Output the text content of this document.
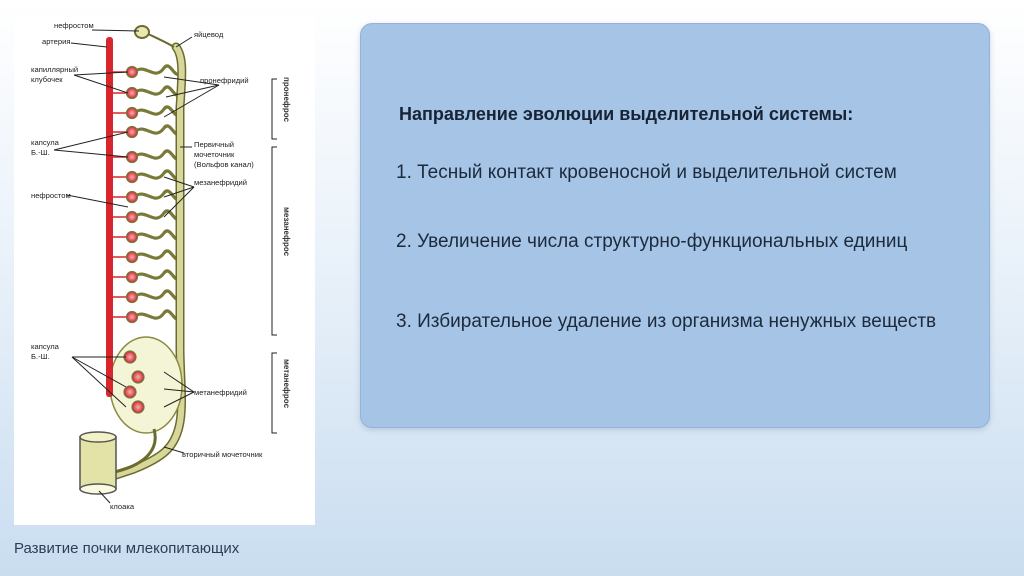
нефростом
артерия
капиллярный
клубочек
капсула
Б.-Ш.
нефростом
капсула
Б.-Ш.
яйцевод
пронефридий
Первичный
мочеточник
(Вольфов канал)
мезанефридий
метанефридий
вторичный мочеточник
клоака
пронефрос
мезанефрос
метанефрос
Развитие почки млекопитающих

Направление эволюции выделительной системы:

1. Тесный контакт кровеносной и выделительной систем

2. Увеличение числа структурно-функциональных единиц

3. Избирательное удаление из организма ненужных веществ
